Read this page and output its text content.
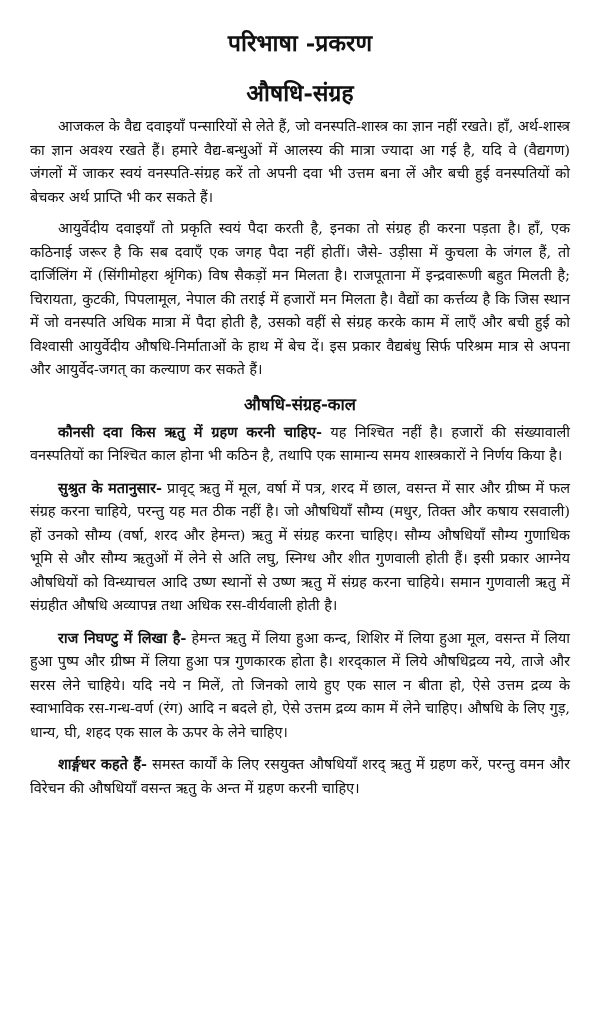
परिभाषा -प्रकरण
औषधि-संग्रह

आजकल के वैद्य दवाइयाँ पन्सारियों से लेते हैं, जो वनस्पति-शास्त्र का ज्ञान नहीं रखते। हाँ, अर्थ-शास्त्र का ज्ञान अवश्य रखते हैं। हमारे वैद्य-बन्धुओं में आलस्य की मात्रा ज्यादा आ गई है, यदि वे (वैद्यगण) जंगलों में जाकर स्वयं वनस्पति-संग्रह करें तो अपनी दवा भी उत्तम बना लें और बची हुई वनस्पतियों को बेचकर अर्थ प्राप्ति भी कर सकते हैं।

आयुर्वेदीय दवाइयाँ तो प्रकृति स्वयं पैदा करती है, इनका तो संग्रह ही करना पड़ता है। हाँ, एक कठिनाई जरूर है कि सब दवाएँ एक जगह पैदा नहीं होतीं। जैसे- उड़ीसा में कुचला के जंगल हैं, तो दार्जिलिंग में (सिंगीमोहरा श्रृंगिक) विष सैकड़ों मन मिलता है। राजपूताना में इन्द्रवारूणी बहुत मिलती है; चिरायता, कुटकी, पिपलामूल, नेपाल की तराई में हजारों मन मिलता है। वैद्यों का कर्त्तव्य है कि जिस स्थान में जो वनस्पति अधिक मात्रा में पैदा होती है, उसको वहीं से संग्रह करके काम में लाएँ और बची हुई को विश्वासी आयुर्वेदीय औषधि-निर्माताओं के हाथ में बेच दें। इस प्रकार वैद्यबंधु सिर्फ परिश्रम मात्र से अपना और आयुर्वेद-जगत् का कल्याण कर सकते हैं।

औषधि-संग्रह-काल

कौनसी दवा किस ऋतु में ग्रहण करनी चाहिए- यह निश्चित नहीं है। हजारों की संख्यावाली वनस्पतियों का निश्चित काल होना भी कठिन है, तथापि एक सामान्य समय शास्त्रकारों ने निर्णय किया है।

सुश्रुत के मतानुसार- प्रावृट् ऋतु में मूल, वर्षा में पत्र, शरद में छाल, वसन्त में सार और ग्रीष्म में फल संग्रह करना चाहिये, परन्तु यह मत ठीक नहीं है। जो औषधियाँ सौम्य (मधुर, तिक्त और कषाय रसवाली) हों उनको सौम्य (वर्षा, शरद और हेमन्त) ऋतु में संग्रह करना चाहिए। सौम्य औषधियाँ सौम्य गुणाधिक भूमि से और सौम्य ऋतुओं में लेने से अति लघु, स्निग्ध और शीत गुणवाली होती हैं। इसी प्रकार आग्नेय औषधियों को विन्ध्याचल आदि उष्ण स्थानों से उष्ण ऋतु में संग्रह करना चाहिये। समान गुणवाली ऋतु में संग्रहीत औषधि अव्यापन्न तथा अधिक रस-वीर्यवाली होती है।

राज निघण्टु में लिखा है- हेमन्त ऋतु में लिया हुआ कन्द, शिशिर में लिया हुआ मूल, वसन्त में लिया हुआ पुष्प और ग्रीष्म में लिया हुआ पत्र गुणकारक होता है। शरद्काल में लिये औषधिद्रव्य नये, ताजे और सरस लेने चाहिये। यदि नये न मिलें, तो जिनको लाये हुए एक साल न बीता हो, ऐसे उत्तम द्रव्य के स्वाभाविक रस-गन्ध-वर्ण (रंग) आदि न बदले हो, ऐसे उत्तम द्रव्य काम में लेने चाहिए। औषधि के लिए गुड़, धान्य, घी, शहद एक साल के ऊपर के लेने चाहिए।

शार्ङ्गधर कहते हैं- समस्त कार्यों के लिए रसयुक्त औषधियाँ शरद् ऋतु में ग्रहण करें, परन्तु वमन और विरेचन की औषधियाँ वसन्त ऋतु के अन्त में ग्रहण करनी चाहिए।
